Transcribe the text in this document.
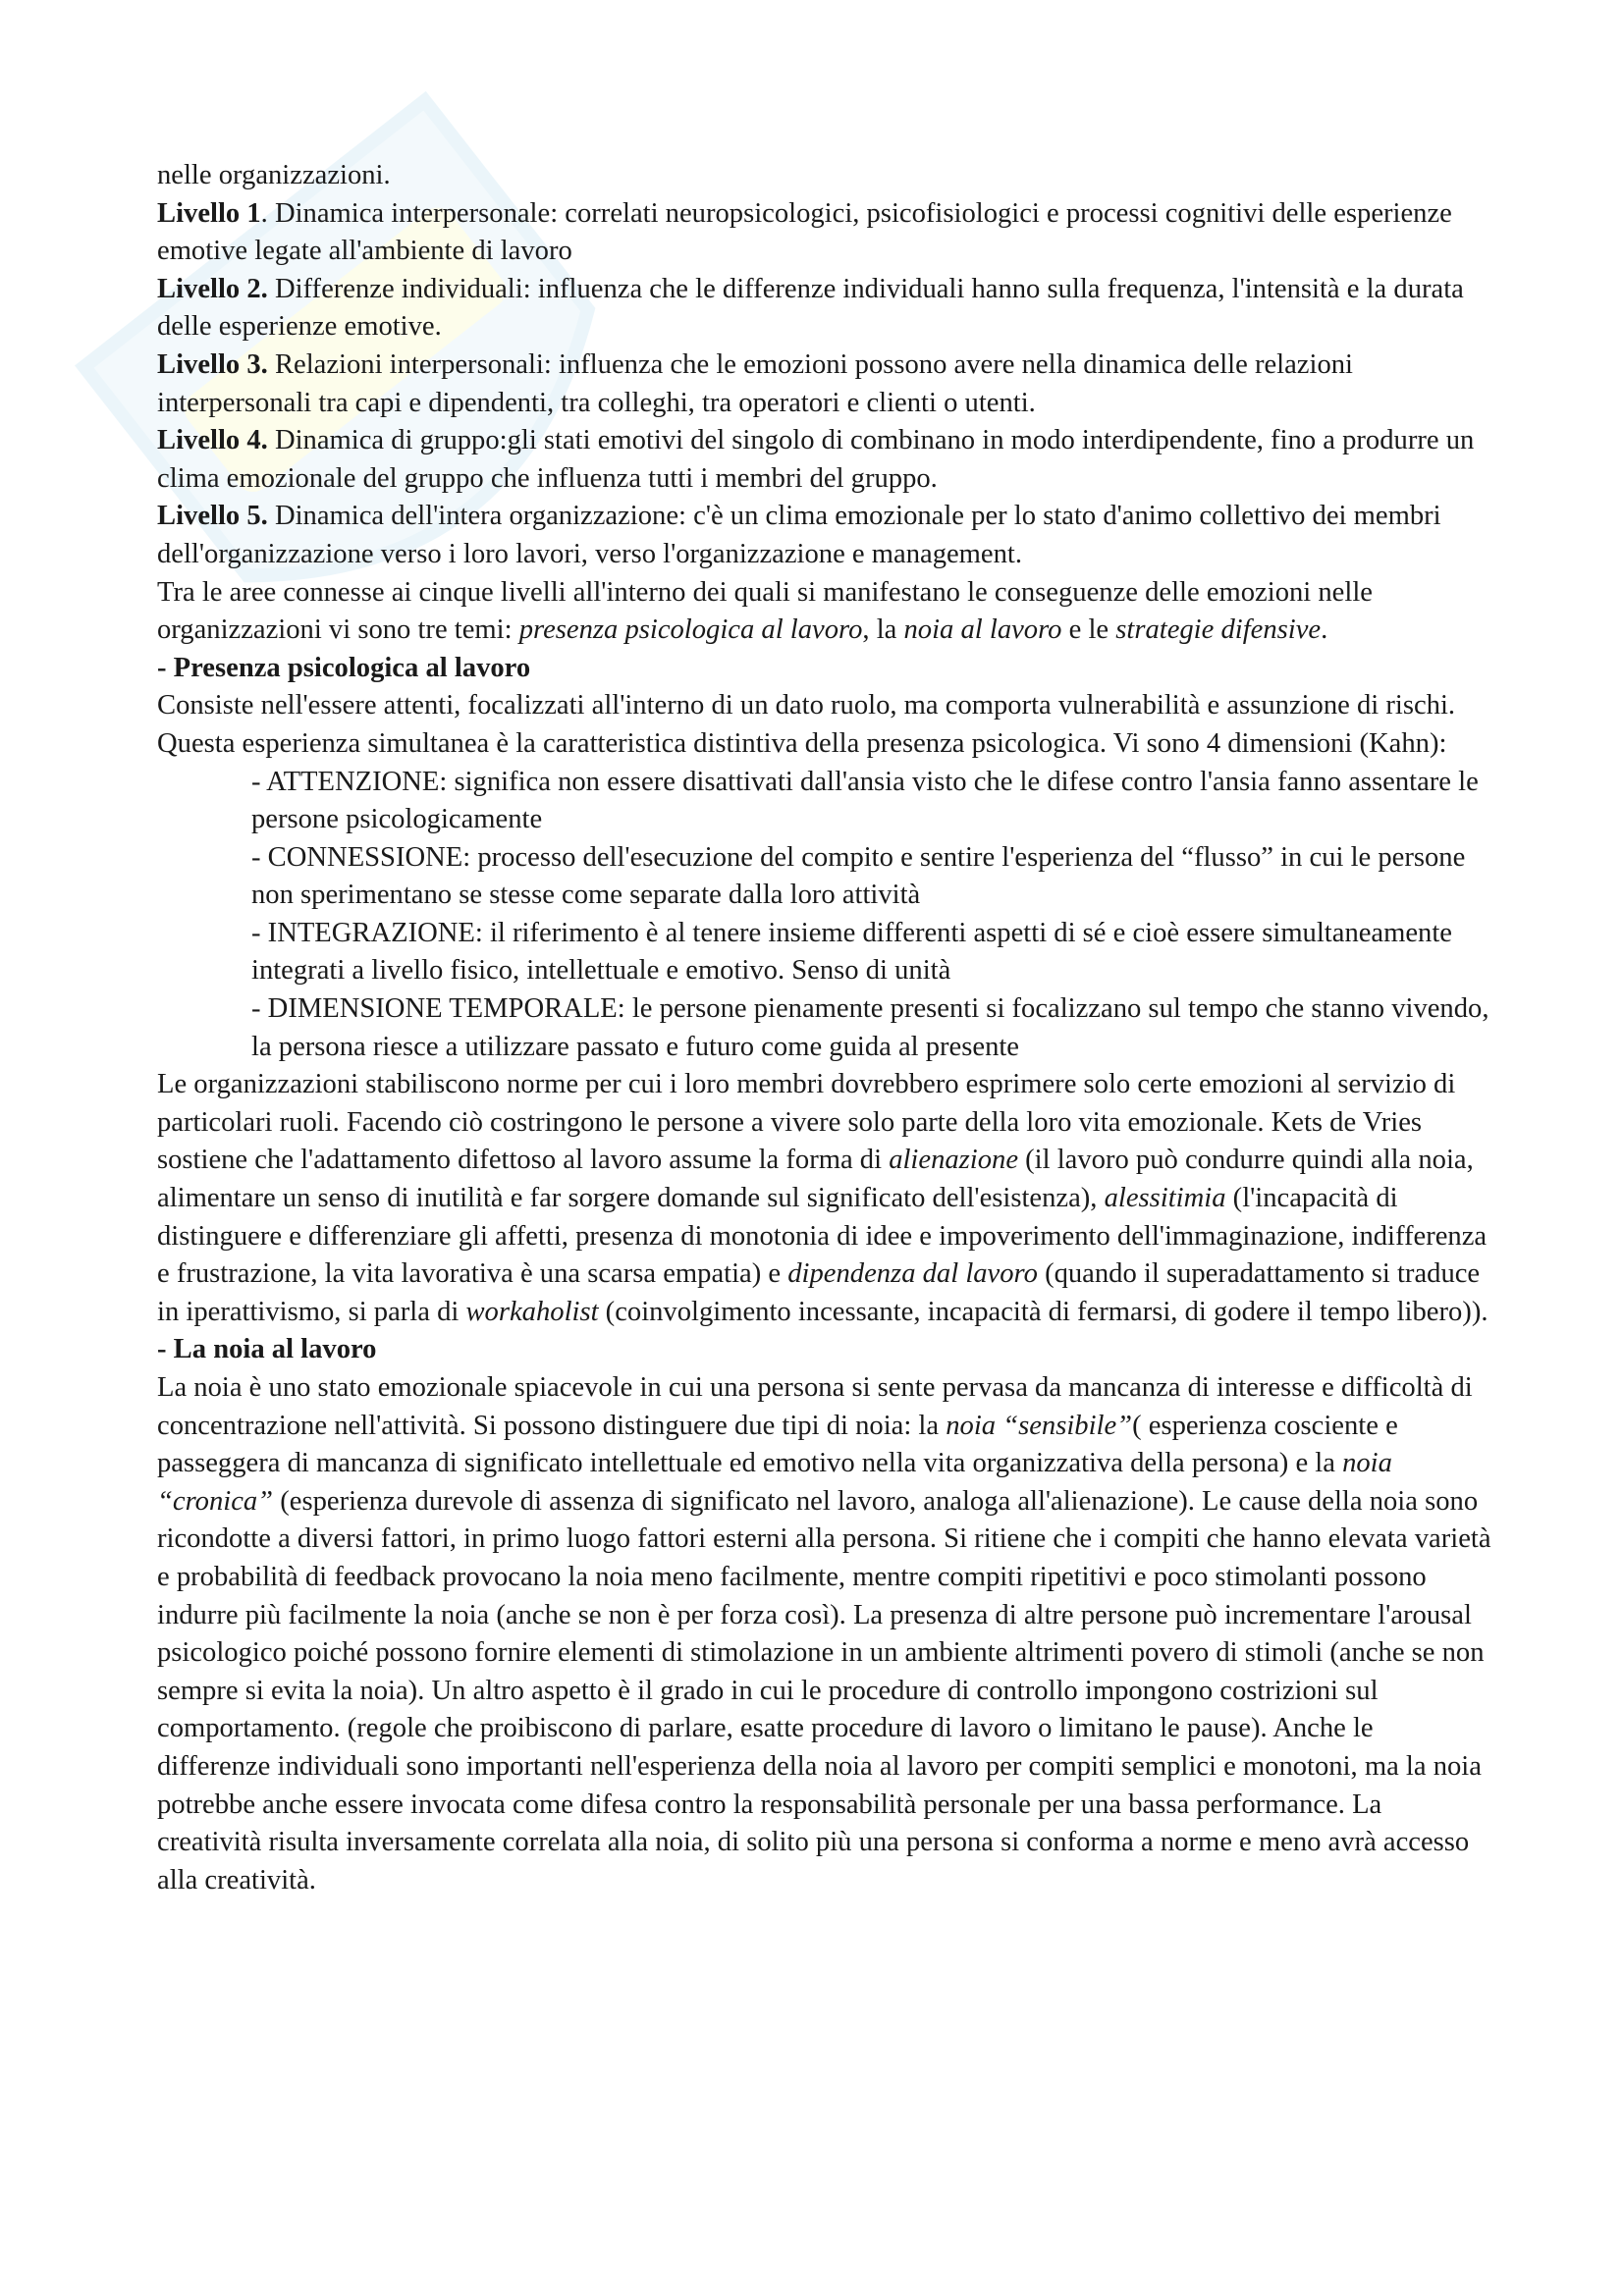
nelle organizzazioni.

Livello 1. Dinamica interpersonale: correlati neuropsicologici, psicofisiologici e processi cognitivi delle esperienze emotive legate all'ambiente di lavoro

Livello 2. Differenze individuali: influenza che le differenze individuali hanno sulla frequenza, l'intensità e la durata delle esperienze emotive.

Livello 3. Relazioni interpersonali: influenza che le emozioni possono avere nella dinamica delle relazioni interpersonali tra capi e dipendenti, tra colleghi, tra operatori e clienti o utenti.

Livello 4. Dinamica di gruppo:gli stati emotivi del singolo di combinano in modo interdipendente, fino a produrre un clima emozionale del gruppo che influenza tutti i membri del gruppo.

Livello 5. Dinamica dell'intera organizzazione: c'è un clima emozionale per lo stato d'animo collettivo dei membri dell'organizzazione verso i loro lavori, verso l'organizzazione e management.

Tra le aree connesse ai cinque livelli all'interno dei quali si manifestano le conseguenze delle emozioni nelle organizzazioni vi sono tre temi: presenza psicologica al lavoro, la noia al lavoro e le strategie difensive.

- Presenza psicologica al lavoro

Consiste nell'essere attenti, focalizzati all'interno di un dato ruolo, ma comporta vulnerabilità e assunzione di rischi. Questa esperienza simultanea è la caratteristica distintiva della presenza psicologica. Vi sono 4 dimensioni (Kahn):

- ATTENZIONE: significa non essere disattivati dall'ansia visto che le difese contro l'ansia fanno assentare le persone psicologicamente

- CONNESSIONE: processo dell'esecuzione del compito e sentire l'esperienza del “flusso” in cui le persone non sperimentano se stesse come separate dalla loro attività

- INTEGRAZIONE: il riferimento è al tenere insieme differenti aspetti di sé e cioè essere simultaneamente integrati a livello fisico, intellettuale e emotivo. Senso di unità

- DIMENSIONE TEMPORALE: le persone pienamente presenti si focalizzano sul tempo che stanno vivendo, la persona riesce a utilizzare passato e futuro come guida al presente

Le organizzazioni stabiliscono norme per cui i loro membri dovrebbero esprimere solo certe emozioni al servizio di particolari ruoli. Facendo ciò costringono le persone a vivere solo parte della loro vita emozionale. Kets de Vries sostiene che l'adattamento difettoso al lavoro assume la forma di alienazione (il lavoro può condurre quindi alla noia, alimentare un senso di inutilità e far sorgere domande sul significato dell'esistenza), alessitimia (l'incapacità di distinguere e differenziare gli affetti, presenza di monotonia di idee e impoverimento dell'immaginazione, indifferenza e frustrazione, la vita lavorativa è una scarsa empatia) e dipendenza dal lavoro (quando il superadattamento si traduce in iperattivismo, si parla di workaholist (coinvolgimento incessante, incapacità di fermarsi, di godere il tempo libero)).

- La noia al lavoro

La noia è uno stato emozionale spiacevole in cui una persona si sente pervasa da mancanza di interesse e difficoltà di concentrazione nell'attività. Si possono distinguere due tipi di noia: la noia “sensibile”( esperienza cosciente e passeggera di mancanza di significato intellettuale ed emotivo nella vita organizzativa della persona) e la noia “cronica” (esperienza durevole di assenza di significato nel lavoro, analoga all'alienazione). Le cause della noia sono ricondotte a diversi fattori, in primo luogo fattori esterni alla persona. Si ritiene che i compiti che hanno elevata varietà e probabilità di feedback provocano la noia meno facilmente, mentre compiti ripetitivi e poco stimolanti possono indurre più facilmente la noia (anche se non è per forza così). La presenza di altre persone può incrementare l'arousal psicologico poiché possono fornire elementi di stimolazione in un ambiente altrimenti povero di stimoli (anche se non sempre si evita la noia). Un altro aspetto è il grado in cui le procedure di controllo impongono costrizioni sul comportamento. (regole che proibiscono di parlare, esatte procedure di lavoro o limitano le pause). Anche le differenze individuali sono importanti nell'esperienza della noia al lavoro per compiti semplici e monotoni, ma la noia potrebbe anche essere invocata come difesa contro la responsabilità personale per una bassa performance. La creatività risulta inversamente correlata alla noia, di solito più una persona si conforma a norme e meno avrà accesso alla creatività.
